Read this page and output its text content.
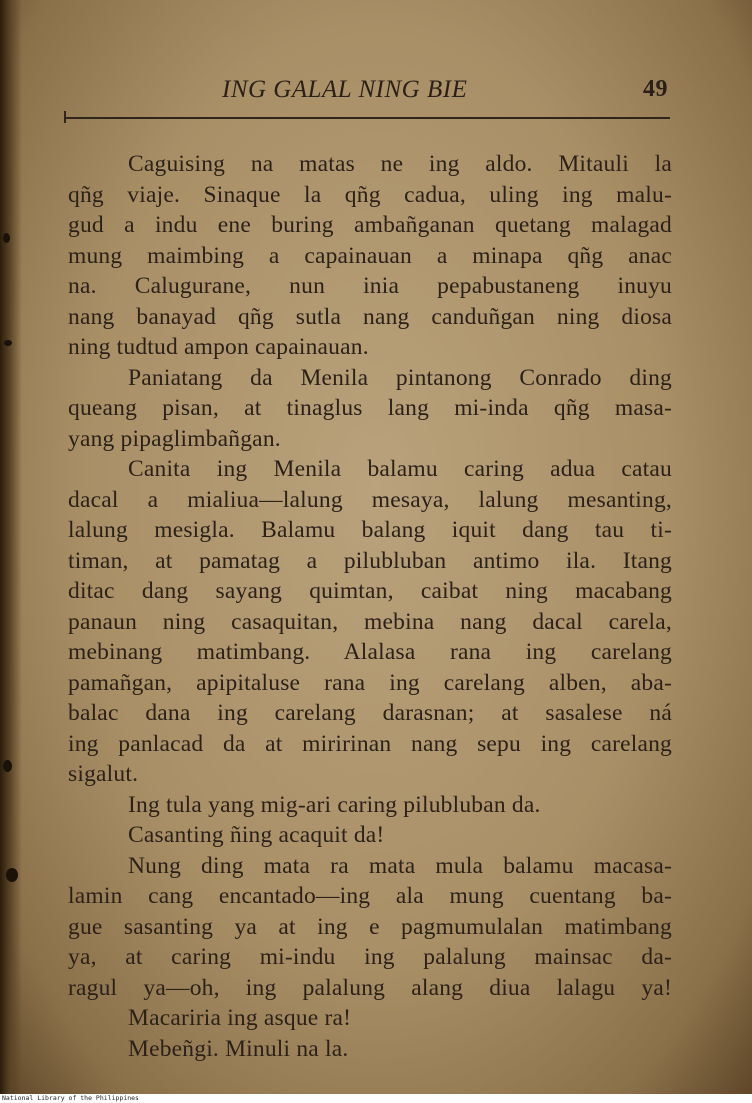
ING GALAL NING BIE	49
Caguising na matas ne ing aldo. Mitauli la
qñg viaje. Sinaque la qñg cadua, uling ing malu-
gud a indu ene buring ambañganan quetang malagad
mung maimbing a capainauan a minapa qñg anac
na. Calugurane, nun inia pepabustaneng inuyu
nang banayad qñg sutla nang canduñgan ning diosa
ning tudtud ampon capainauan.
Paniatang da Menila pintanong Conrado ding
queang pisan, at tinaglus lang mi-inda qñg masa-
yang pipaglimbañgan.
Canita ing Menila balamu caring adua catau
dacal a mialiua—lalung mesaya, lalung mesanting,
lalung mesigla. Balamu balang iquit dang tau ti-
timan, at pamatag a pilubluban antimo ila. Itang
ditac dang sayang quimtan, caibat ning macabang
panaun ning casaquitan, mebina nang dacal carela,
mebinang matimbang. Alalasa rana ing carelang
pamañgan, apipitaluse rana ing carelang alben, aba-
balac dana ing carelang darasnan; at sasalese ná
ing panlacad da at miririnan nang sepu ing carelang
sigalut.
Ing tula yang mig-ari caring pilubluban da.
Casanting ñing acaquit da!
Nung ding mata ra mata mula balamu macasa-
lamin cang encantado—ing ala mung cuentang ba-
gue sasanting ya at ing e pagmumulalan matimbang
ya, at caring mi-indu ing palalung mainsac da-
ragul ya—oh, ing palalung alang diua lalagu ya!
Macariria ing asque ra!
Mebeñgi. Minuli na la.
National Library of the Philippines
